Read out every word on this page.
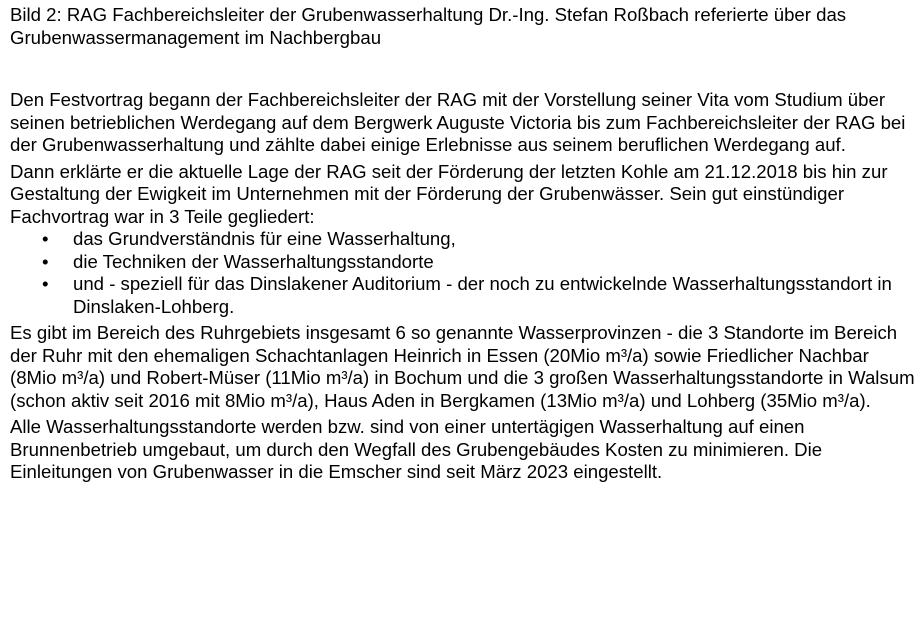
Bild 2: RAG Fachbereichsleiter der Grubenwasserhaltung Dr.-Ing. Stefan Roßbach referierte über das Grubenwassermanagement im Nachbergbau

Den Festvortrag begann der Fachbereichsleiter der RAG mit der Vorstellung seiner Vita vom Studium über seinen betrieblichen Werdegang auf dem Bergwerk Auguste Victoria bis zum Fachbereichsleiter der RAG bei der Grubenwasserhaltung und zählte dabei einige Erlebnisse aus seinem beruflichen Werdegang auf.

Dann erklärte er die aktuelle Lage der RAG seit der Förderung der letzten Kohle am 21.12.2018 bis hin zur Gestaltung der Ewigkeit im Unternehmen mit der Förderung der Grubenwässer. Sein gut einstündiger Fachvortrag war in 3 Teile gegliedert:

• das Grundverständnis für eine Wasserhaltung,
• die Techniken der Wasserhaltungsstandorte
• und - speziell für das Dinslakener Auditorium - der noch zu entwickelnde Wasserhaltungsstandort in Dinslaken-Lohberg.

Es gibt im Bereich des Ruhrgebiets insgesamt 6 so genannte Wasserprovinzen - die 3 Standorte im Bereich der Ruhr mit den ehemaligen Schachtanlagen Heinrich in Essen (20Mio m³/a) sowie Friedlicher Nachbar (8Mio m³/a) und Robert-Müser (11Mio m³/a) in Bochum und die 3 großen Wasserhaltungsstandorte in Walsum (schon aktiv seit 2016 mit 8Mio m³/a), Haus Aden in Bergkamen (13Mio m³/a) und Lohberg (35Mio m³/a).

Alle Wasserhaltungsstandorte werden bzw. sind von einer untertägigen Wasserhaltung auf einen Brunnenbetrieb umgebaut, um durch den Wegfall des Grubengebäudes Kosten zu minimieren. Die Einleitungen von Grubenwasser in die Emscher sind seit März 2023 eingestellt.
